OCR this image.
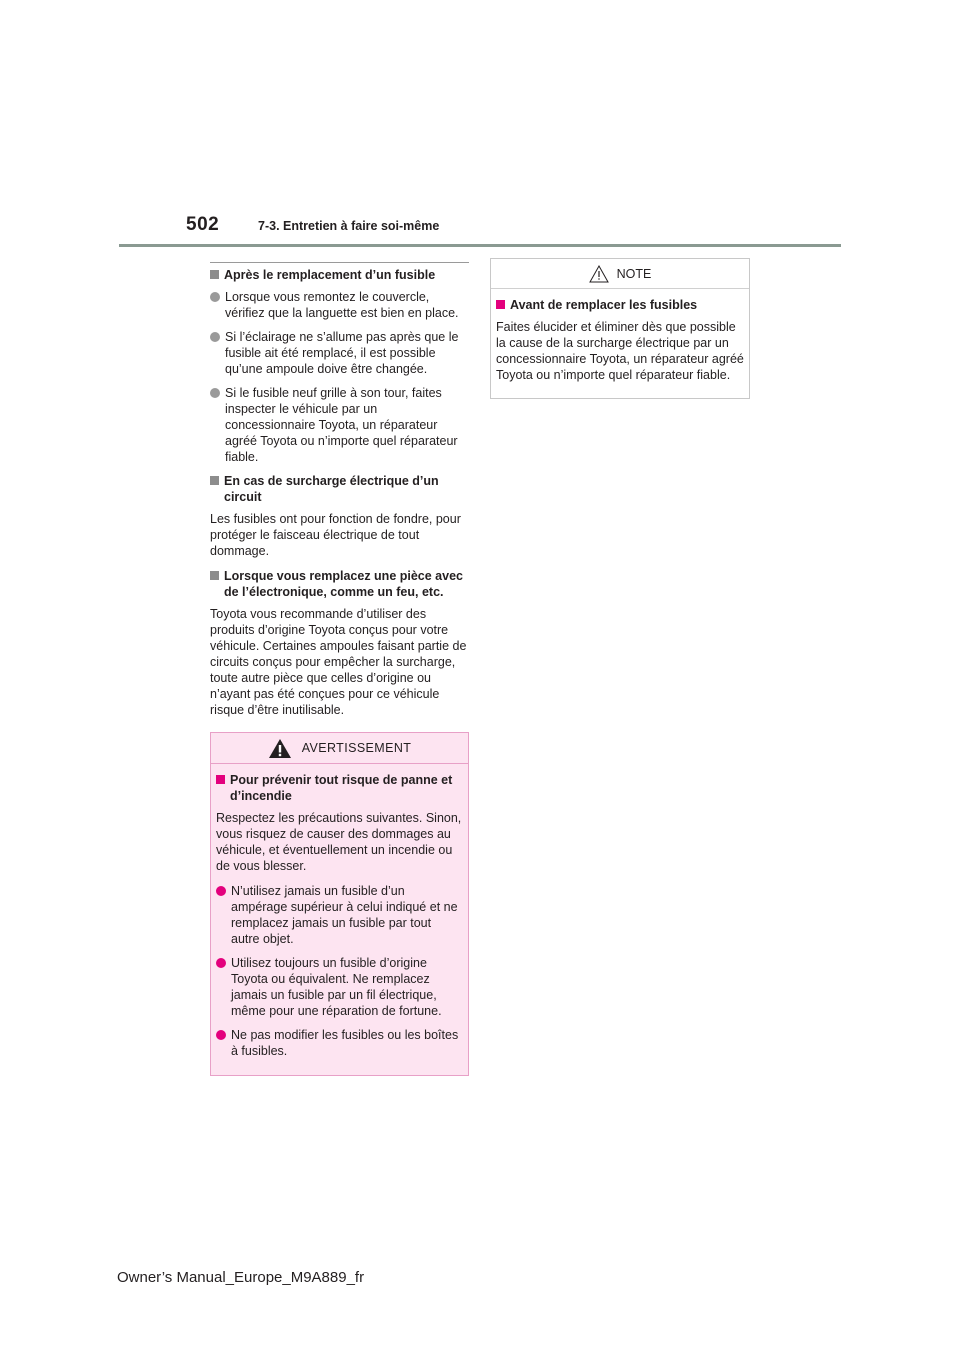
502	7-3. Entretien à faire soi-même
Après le remplacement d’un fusible
Lorsque vous remontez le couvercle, vérifiez que la languette est bien en place.
Si l’éclairage ne s’allume pas après que le fusible ait été remplacé, il est possible qu’une ampoule doive être changée.
Si le fusible neuf grille à son tour, faites inspecter le véhicule par un concessionnaire Toyota, un réparateur agréé Toyota ou n’importe quel réparateur fiable.
En cas de surcharge électrique d’un circuit
Les fusibles ont pour fonction de fondre, pour protéger le faisceau électrique de tout dommage.
Lorsque vous remplacez une pièce avec de l’électronique, comme un feu, etc.
Toyota vous recommande d’utiliser des produits d’origine Toyota conçus pour votre véhicule. Certaines ampoules faisant partie de circuits conçus pour empêcher la surcharge, toute autre pièce que celles d’origine ou n’ayant pas été conçues pour ce véhicule risque d’être inutilisable.
AVERTISSEMENT
Pour prévenir tout risque de panne et d’incendie
Respectez les précautions suivantes. Sinon, vous risquez de causer des dommages au véhicule, et éventuellement un incendie ou de vous blesser.
N’utilisez jamais un fusible d’un ampérage supérieur à celui indiqué et ne remplacez jamais un fusible par tout autre objet.
Utilisez toujours un fusible d’origine Toyota ou équivalent. Ne remplacez jamais un fusible par un fil électrique, même pour une réparation de fortune.
Ne pas modifier les fusibles ou les boîtes à fusibles.
NOTE
Avant de remplacer les fusibles
Faites élucider et éliminer dès que possible la cause de la surcharge électrique par un concessionnaire Toyota, un réparateur agréé Toyota ou n’importe quel réparateur fiable.
Owner’s Manual_Europe_M9A889_fr
